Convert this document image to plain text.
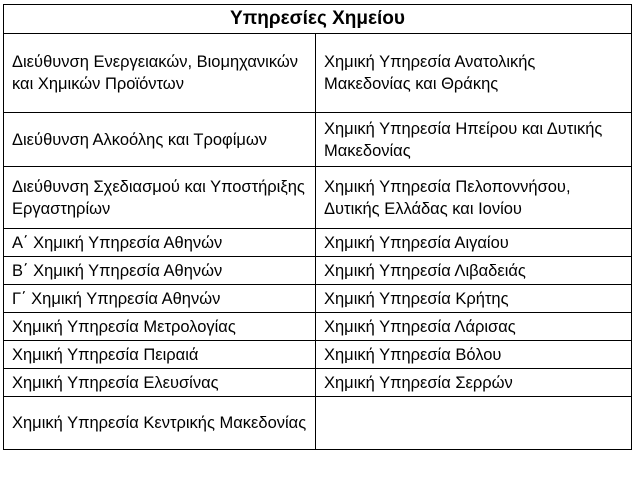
Υπηρεσίες Χημείου	
Διεύθυνση Ενεργειακών, Βιομηχανικών και Χημικών Προϊόντων	Χημική Υπηρεσία Ανατολικής Μακεδονίας και Θράκης
Διεύθυνση Αλκοόλης και Τροφίμων	Χημική Υπηρεσία Ηπείρου και Δυτικής Μακεδονίας
Διεύθυνση Σχεδιασμού και Υποστήριξης Εργαστηρίων	Χημική Υπηρεσία Πελοποννήσου, Δυτικής Ελλάδας και Ιονίου
Α΄ Χημική Υπηρεσία Αθηνών	Χημική Υπηρεσία Αιγαίου
Β΄ Χημική Υπηρεσία Αθηνών	Χημική Υπηρεσία Λιβαδειάς
Γ΄ Χημική Υπηρεσία Αθηνών	Χημική Υπηρεσία Κρήτης
Χημική Υπηρεσία Μετρολογίας	Χημική Υπηρεσία Λάρισας
Χημική Υπηρεσία Πειραιά	Χημική Υπηρεσία Βόλου
Χημική Υπηρεσία Ελευσίνας	Χημική Υπηρεσία Σερρών
Χημική Υπηρεσία Κεντρικής Μακεδονίας	
